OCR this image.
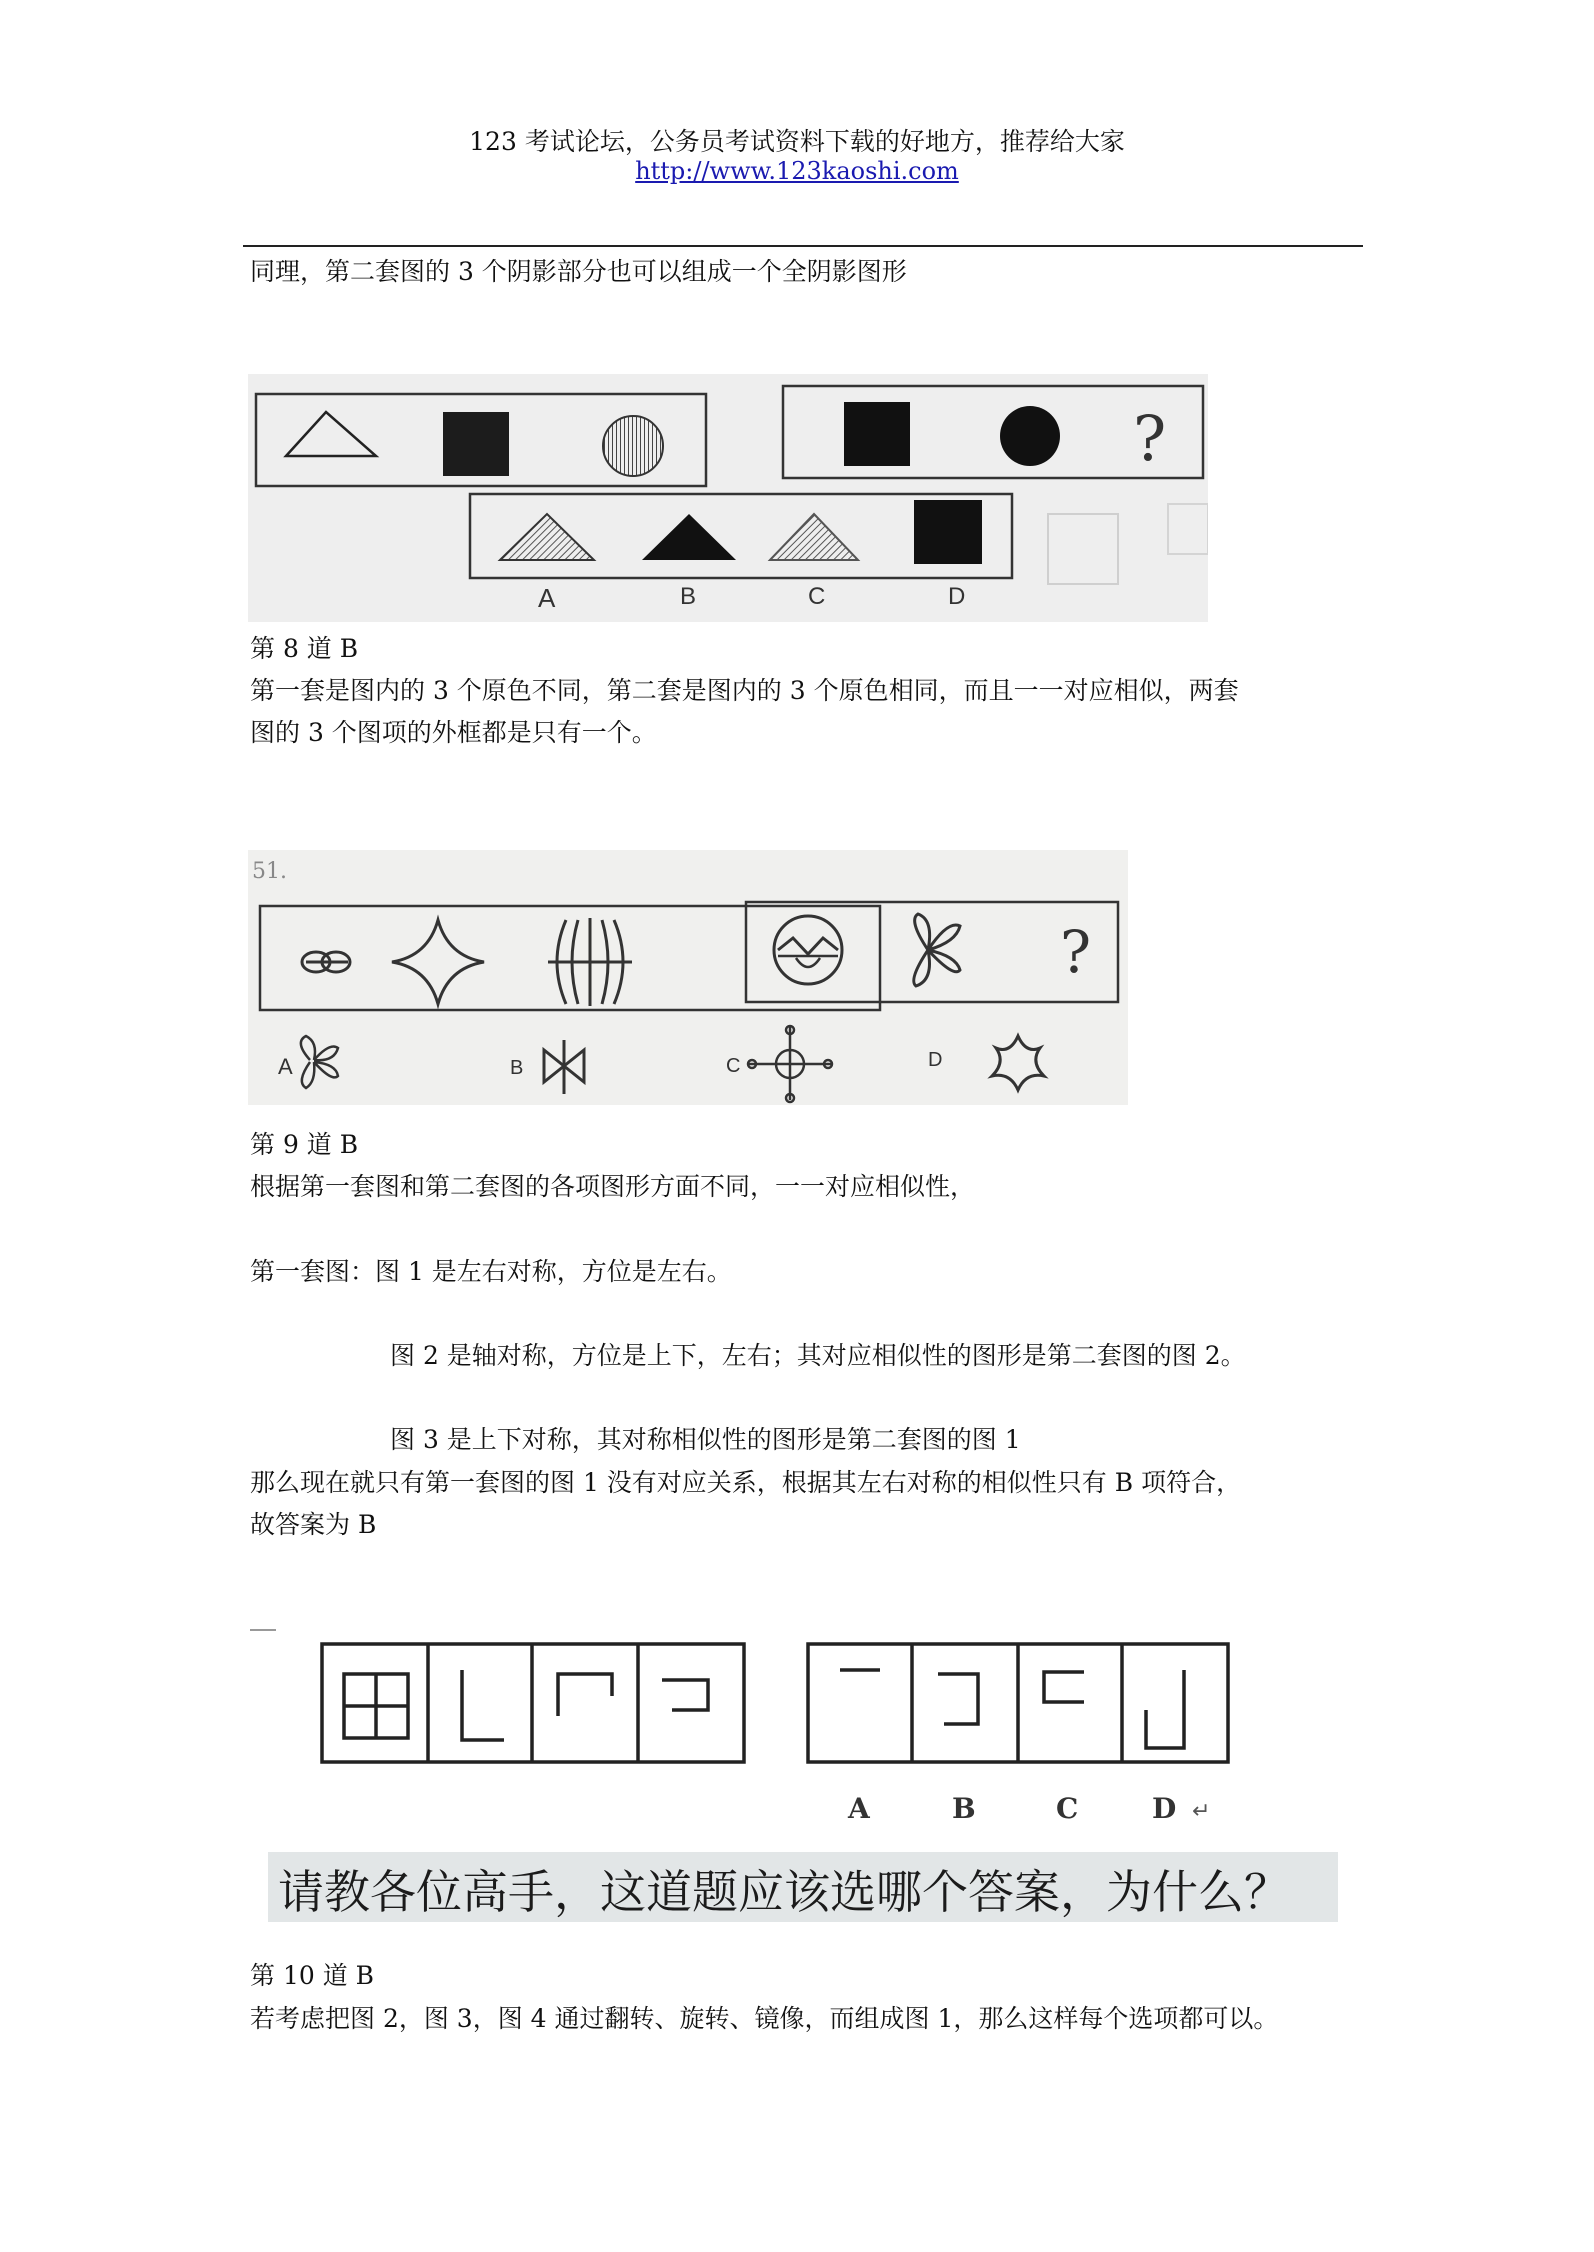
123 考试论坛，公务员考试资料下载的好地方，推荐给大家
http://www.123kaoshi.com
同理，第二套图的 3 个阴影部分也可以组成一个全阴影图形
?
A	B	C	D
第 8 道 B
第一套是图内的 3 个原色不同，第二套是图内的 3 个原色相同，而且一一对应相似，两套
图的 3 个图项的外框都是只有一个。
51.
?
A	B	C	D
第 9 道 B
根据第一套图和第二套图的各项图形方面不同，一一对应相似性，
第一套图：图 1 是左右对称，方位是左右。
图 2 是轴对称，方位是上下，左右；其对应相似性的图形是第二套图的图 2。
图 3 是上下对称，其对称相似性的图形是第二套图的图 1
那么现在就只有第一套图的图 1 没有对应关系，根据其左右对称的相似性只有 B 项符合，
故答案为 B
A	B	C	D ↵
请教各位高手，这道题应该选哪个答案，为什么？
第 10 道 B
若考虑把图 2，图 3，图 4 通过翻转、旋转、镜像，而组成图 1，那么这样每个选项都可以。
